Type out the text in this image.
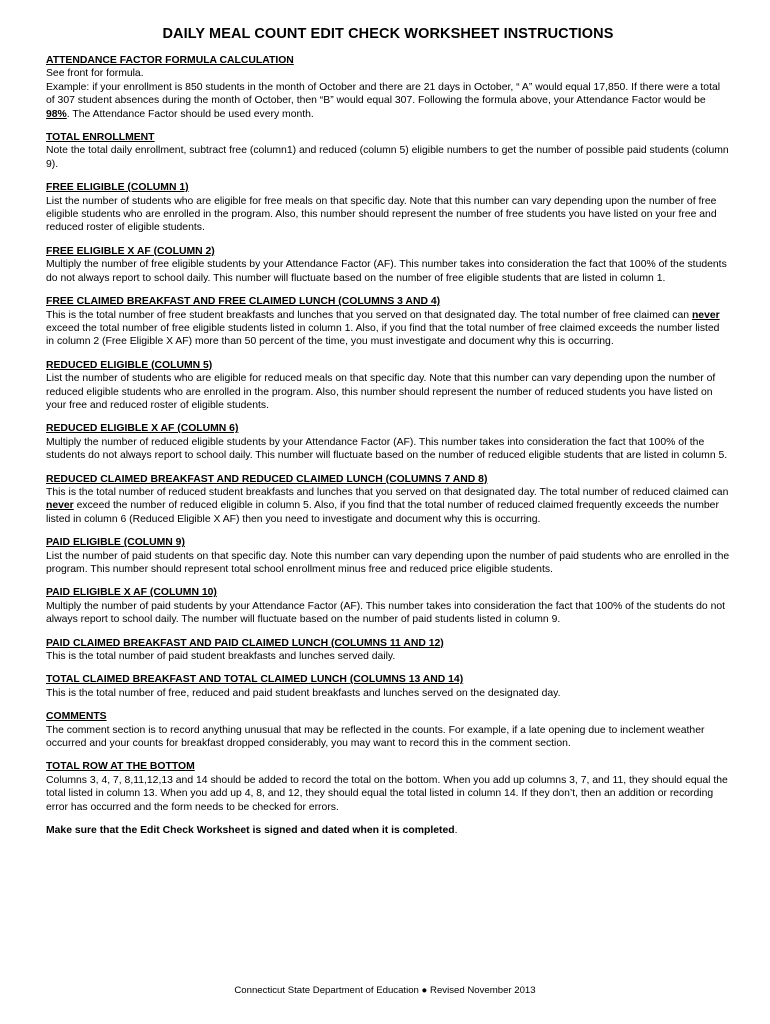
DAILY MEAL COUNT EDIT CHECK WORKSHEET INSTRUCTIONS
ATTENDANCE FACTOR FORMULA CALCULATION

See front for formula.

Example: if your enrollment is 850 students in the month of October and there are 21 days in October, “ A” would equal 17,850. If there were a total of 307 student absences during the month of October, then “B” would equal 307. Following the formula above, your Attendance Factor would be 98%. The Attendance Factor should be used every month.

TOTAL ENROLLMENT
Note the total daily enrollment, subtract free (column1) and reduced (column 5) eligible numbers to get the number of possible paid students (column 9).
FREE ELIGIBLE (COLUMN 1)
List the number of students who are eligible for free meals on that specific day. Note that this number can vary depending upon the number of free eligible students who are enrolled in the program. Also, this number should represent the number of free students you have listed on your free and reduced roster of eligible students.
FREE ELIGIBLE X AF (COLUMN 2)
Multiply the number of free eligible students by your Attendance Factor (AF). This number takes into consideration the fact that 100% of the students do not always report to school daily. This number will fluctuate based on the number of free eligible students that are listed in column 1.
FREE CLAIMED BREAKFAST AND FREE CLAIMED LUNCH (COLUMNS 3 AND 4)
This is the total number of free student breakfasts and lunches that you served on that designated day. The total number of free claimed can never exceed the total number of free eligible students listed in column 1. Also, if you find that the total number of free claimed exceeds the number listed in column 2 (Free Eligible X AF) more than 50 percent of the time, you must investigate and document why this is occurring.
REDUCED ELIGIBLE (COLUMN 5)
List the number of students who are eligible for reduced meals on that specific day. Note that this number can vary depending upon the number of reduced eligible students who are enrolled in the program. Also, this number should represent the number of reduced students you have listed on your free and reduced roster of eligible students.
REDUCED ELIGIBLE X AF (COLUMN 6)
Multiply the number of reduced eligible students by your Attendance Factor (AF). This number takes into consideration the fact that 100% of the students do not always report to school daily. This number will fluctuate based on the number of reduced eligible students that are listed in column 5.
REDUCED CLAIMED BREAKFAST AND REDUCED CLAIMED LUNCH (COLUMNS 7 AND 8)
This is the total number of reduced student breakfasts and lunches that you served on that designated day. The total number of reduced claimed can never exceed the number of reduced eligible in column 5. Also, if you find that the total number of reduced claimed frequently exceeds the number listed in column 6 (Reduced Eligible X AF) then you need to investigate and document why this is occurring.
PAID ELIGIBLE (COLUMN 9)
List the number of paid students on that specific day. Note this number can vary depending upon the number of paid students who are enrolled in the program. This number should represent total school enrollment minus free and reduced price eligible students.
PAID ELIGIBLE X AF (COLUMN 10)
Multiply the number of paid students by your Attendance Factor (AF). This number takes into consideration the fact that 100% of the students do not always report to school daily. The number will fluctuate based on the number of paid students listed in column 9.
PAID CLAIMED BREAKFAST AND PAID CLAIMED LUNCH (COLUMNS 11 AND 12)
This is the total number of paid student breakfasts and lunches served daily.
TOTAL CLAIMED BREAKFAST AND TOTAL CLAIMED LUNCH (COLUMNS 13 AND 14)
This is the total number of free, reduced and paid student breakfasts and lunches served on the designated day.
COMMENTS
The comment section is to record anything unusual that may be reflected in the counts. For example, if a late opening due to inclement weather occurred and your counts for breakfast dropped considerably, you may want to record this in the comment section.
TOTAL ROW AT THE BOTTOM
Columns 3, 4, 7, 8,11,12,13 and 14 should be added to record the total on the bottom. When you add up columns 3, 7, and 11, they should equal the total listed in column 13. When you add up 4, 8, and 12, they should equal the total listed in column 14. If they don’t, then an addition or recording error has occurred and the form needs to be checked for errors.
Make sure that the Edit Check Worksheet is signed and dated when it is completed.
Connecticut State Department of Education ● Revised November 2013
